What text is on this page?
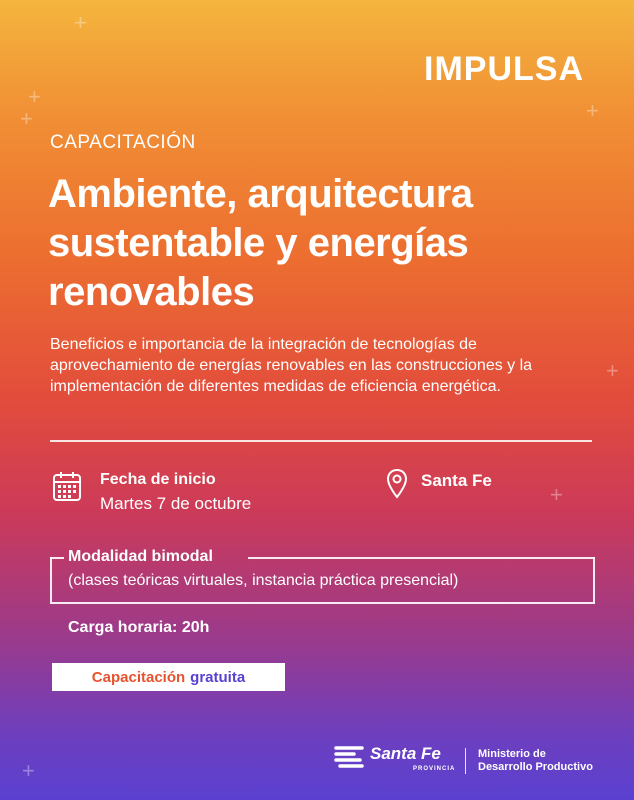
+
+
+
+
+
+
+
IMPULSA
CAPACITACIÓN
Ambiente, arquitectura sustentable y energías renovables
Beneficios e importancia de la integración de tecnologías de aprovechamiento de energías renovables en las construcciones y la implementación de diferentes medidas de eficiencia energética.
Fecha de inicio
Martes 7 de octubre
Santa Fe
Modalidad bimodal
(clases teóricas virtuales, instancia práctica presencial)
Carga horaria: 20h
Capacitación gratuita
Santa Fe
PROVINCIA
Ministerio de
Desarrollo Productivo
